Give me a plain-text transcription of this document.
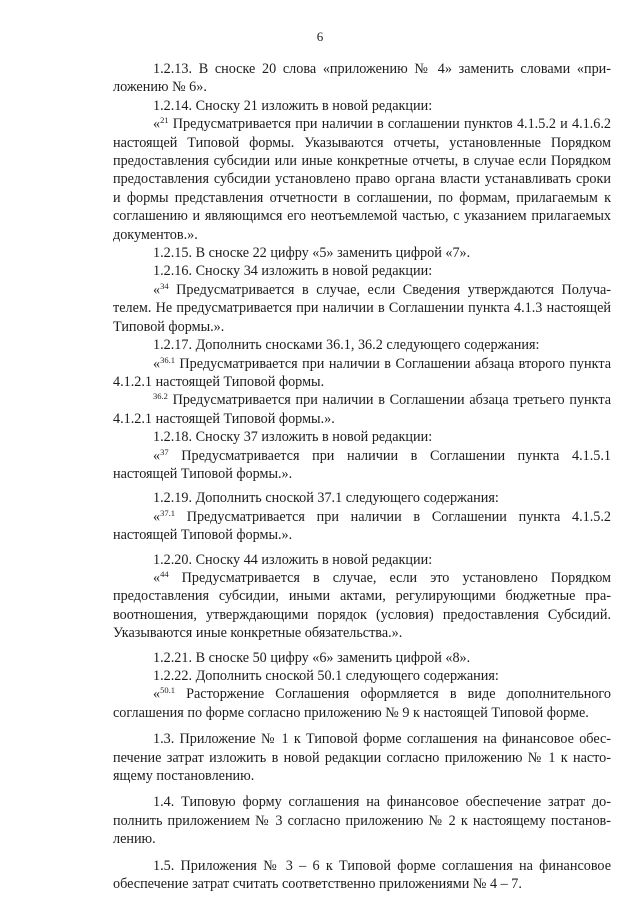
6

1.2.13. В сноске 20 слова «приложению № 4» заменить словами «приложению № 6».

1.2.14. Сноску 21 изложить в новой редакции:

«$^{21}$ Предусматривается при наличии в соглашении пунктов 4.1.5.2 и 4.1.6.2 настоящей Типовой формы. Указываются отчеты, установленные Порядком предоставления субсидии или иные конкретные отчеты, в случае если Порядком предоставления субсидии установлено право органа власти устанавливать сроки и формы представления отчетности в соглашении, по формам, прилагаемым к соглашению и являющимся его неотъемлемой частью, с указанием прилагаемых документов.».

1.2.15. В сноске 22 цифру «5» заменить цифрой «7».

1.2.16. Сноску 34 изложить в новой редакции:

«$^{34}$ Предусматривается в случае, если Сведения утверждаются Получателем. Не предусматривается при наличии в Соглашении пункта 4.1.3 настоящей Типовой формы.».

1.2.17. Дополнить сносками 36.1, 36.2 следующего содержания:

«$^{36.1}$ Предусматривается при наличии в Соглашении абзаца второго пункта 4.1.2.1 настоящей Типовой формы.

$^{36.2}$ Предусматривается при наличии в Соглашении абзаца третьего пункта 4.1.2.1 настоящей Типовой формы.».

1.2.18. Сноску 37 изложить в новой редакции:

«$^{37}$ Предусматривается при наличии в Соглашении пункта 4.1.5.1 настоящей Типовой формы.».

1.2.19. Дополнить сноской 37.1 следующего содержания:

«$^{37.1}$ Предусматривается при наличии в Соглашении пункта 4.1.5.2 настоящей Типовой формы.».

1.2.20. Сноску 44 изложить в новой редакции:

«$^{44}$ Предусматривается в случае, если это установлено Порядком предоставления субсидии, иными актами, регулирующими бюджетные правоотношения, утверждающими порядок (условия) предоставления Субсидий. Указываются иные конкретные обязательства.».

1.2.21. В сноске 50 цифру «6» заменить цифрой «8».

1.2.22. Дополнить сноской 50.1 следующего содержания:

«$^{50.1}$ Расторжение Соглашения оформляется в виде дополнительного соглашения по форме согласно приложению № 9 к настоящей Типовой форме.

1.3. Приложение № 1 к Типовой форме соглашения на финансовое обеспечение затрат изложить в новой редакции согласно приложению № 1 к настоящему постановлению.

1.4. Типовую форму соглашения на финансовое обеспечение затрат дополнить приложением № 3 согласно приложению № 2 к настоящему постановлению.

1.5. Приложения № 3 – 6 к Типовой форме соглашения на финансовое обеспечение затрат считать соответственно приложениями № 4 – 7.
